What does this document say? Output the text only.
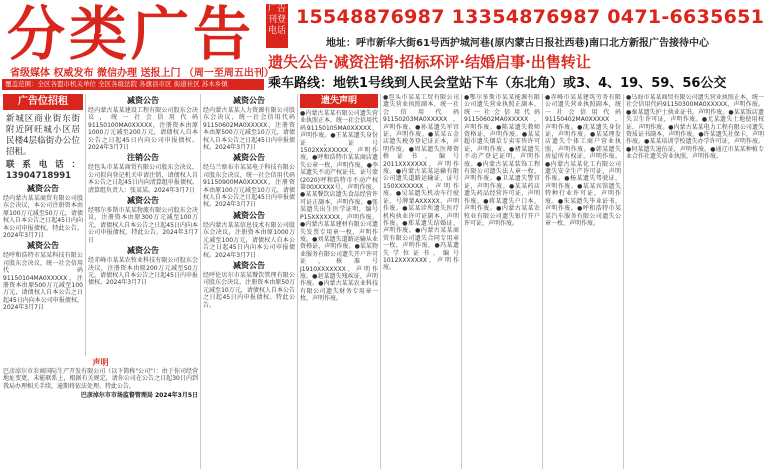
分类广告
省级媒体 权威发布 微信办理 送报上门 （周一至周五出刊）
覆盖范围：全区各盟市机关单位 全区各级法院 各旗县市区 街道社区 苏木乡镇
广告刊登电话
15548876987 13354876987 0471-6635651
地址：呼市新华大街61号西护城河巷(原内蒙古日报社西巷)南口北方新报广告接待中心
遗失公告·减资注销·招标环评·结婚启事·出售转让
乘车路线：地铁1号线到人民会堂站下车（东北角）或3、4、19、59、56公交
广告位招租
新城区商业街东街附近阿旺城小区居民楼4层临街办公位招租。
联系电话：13904718991
减资公告

经内蒙古某某商贸有限公司股东会决议，本公司注册资本由原100万元减至50万元，请债权人自本公告之日起45日内向本公司申报债权。特此公告。2024年3月7日

减资公告

经呼和浩特市某某科技有限公司股东会决议，统一社会信用代码91150104MA0XXXXX，注册资本由原500万元减至100万元，请债权人自本公告之日起45日内向本公司申报债权。2024年3月7日

减资公告

经内蒙古某某建设工程有限公司股东会决议，统一社会信用代码91150100MA0XXXXX，注册资本由原1000万元减至200万元，请债权人自本公告之日起45日内向公司申报债权。2024年3月7日

注销公告

经包头市某某商贸有限公司股东会决议，公司拟向登记机关申请注销，请债权人自本公告之日起45日内向清算组申报债权。清算组负责人：张某某。2024年3月7日

减资公告

经鄂尔多斯市某某物流有限公司股东会决议，注册资本由原300万元减至100万元，请债权人自本公告之日起45日内向本公司申报债权，特此公告。2024年3月7日

减资公告

经赤峰市某某农牧业科技有限公司股东会决议，注册资本由原200万元减至50万元，请债权人自本公告之日起45日内申报债权。2024年3月7日

减资公告

经内蒙古某某人力资源有限公司股东会决议，统一社会信用代码91150602MA0XXXXX，注册资本由原500万元减至10万元，请债权人自本公告之日起45日内申报债权。2024年3月7日

减资公告

经乌兰察布市某某电子科技有限公司股东会决议，统一社会信用代码91150900MA0XXXXX，注册资本由原100万元减至10万元，请债权人自本公告之日起45日内申报债权。2024年3月7日

减资公告

经内蒙古某某信息技术有限公司股东会决议，注册资本由原1000万元减至100万元，请债权人自本公告之日起45日内向本公司申报债权。2024年3月7日

减资公告

经呼伦贝尔市某某餐饮管理有限公司股东会决议，注册资本由原50万元减至10万元，请债权人自本公告之日起45日内申报债权。特此公告。

声明

巴彦淖尔市农商国际生产开发有限公司（以下简称"公司"）：由于你司经营地址变更，未能联系上，根据有关规定，请你公司在公告之日起30日内到我局办理相关手续，逾期将依法处理。特此公告。

巴彦淖尔市市场监督管理局 2024年3月5日

遗失声明

●内蒙古某某有限公司遗失营业执照正本，统一社会信用代码91150105MA0XXXXX，声明作废。●王某某遗失身份证，证号1502XXXXXXXX，声明作废。●呼和浩特市某某商店遗失公章一枚，声明作废。●李某遗失不动产权证书，证号蒙(2020)呼和浩特市不动产权第00XXXXX号，声明作废。●某某餐饮店遗失食品经营许可证正副本，声明作废。●张某遗失出生医学证明，编号P15XXXXXXX，声明作废。●内蒙古某某建材有限公司遗失发票专用章一枚，声明作废。●刘某遗失道路运输从业资格证，声明作废。●某某物业服务有限公司遗失开户许可证，核准号J1910XXXXXXX，声明作废。●赵某遗失残疾证，声明作废。●内蒙古某某农业科技有限公司遗失财务专用章一枚，声明作废。

●包头市某某工贸有限公司遗失营业执照副本，统一社会信用代码91150203MA0XXXXX，声明作废。●孙某遗失军官证，声明作废。●某某五金店遗失税务登记证正本，声明作废。●周某遗失医师资格证书，编号2011XXXXXXX，声明作废。●内蒙古某某运输有限公司遗失道路运输证，证号150XXXXXXX，声明作废。●吴某遗失机动车行驶证，号牌蒙AXXXXX，声明作废。●某某诊所遗失医疗机构执业许可证副本，声明作废。●郑某遗失结婚证，声明作废。●内蒙古某某商贸有限公司遗失合同专用章一枚，声明作废。●冯某遗失学位证书，编号1012XXXXXXX，声明作废。

●鄂尔多斯市某某能源有限公司遗失营业执照正副本，统一社会信用代码91150602MA0XXXXX，声明作废。●陈某遗失教师资格证，声明作废。●某某超市遗失烟草专卖零售许可证，声明作废。●褚某遗失不动产登记证明，声明作废。●内蒙古某某装饰工程有限公司遗失法人章一枚，声明作废。●卫某遗失警官证，声明作废。●某某药店遗失药品经营许可证，声明作废。●蒋某遗失户口本，声明作废。●内蒙古某某农牧业有限公司遗失银行开户许可证，声明作废。

●赤峰市某某建筑劳务有限公司遗失营业执照副本，统一社会信用代码91150402MA0XXXXX，声明作废。●沈某遗失身份证，声明作废。●某某理发店遗失个体工商户营业执照，声明作废。●韩某遗失房屋所有权证，声明作废。●内蒙古某某化工有限公司遗失安全生产许可证，声明作废。●杨某遗失驾驶证，声明作废。●某某宾馆遗失特种行业许可证，声明作废。●朱某遗失毕业证书，声明作废。●呼和浩特市某某汽车服务有限公司遗失公章一枚，声明作废。

●乌海市某某商贸有限公司遗失营业执照正本，统一社会信用代码91150300MA0XXXXX，声明作废。●秦某遗失护士执业证书，声明作废。●某某饭店遗失卫生许可证，声明作废。●尤某遗失土地使用权证，声明作废。●内蒙古某某电力工程有限公司遗失资质证书副本，声明作废。●许某遗失社保卡，声明作废。●某某培训学校遗失办学许可证，声明作废。●何某遗失退伍证，声明作废。●通辽市某某种植专业合作社遗失营业执照，声明作废。
